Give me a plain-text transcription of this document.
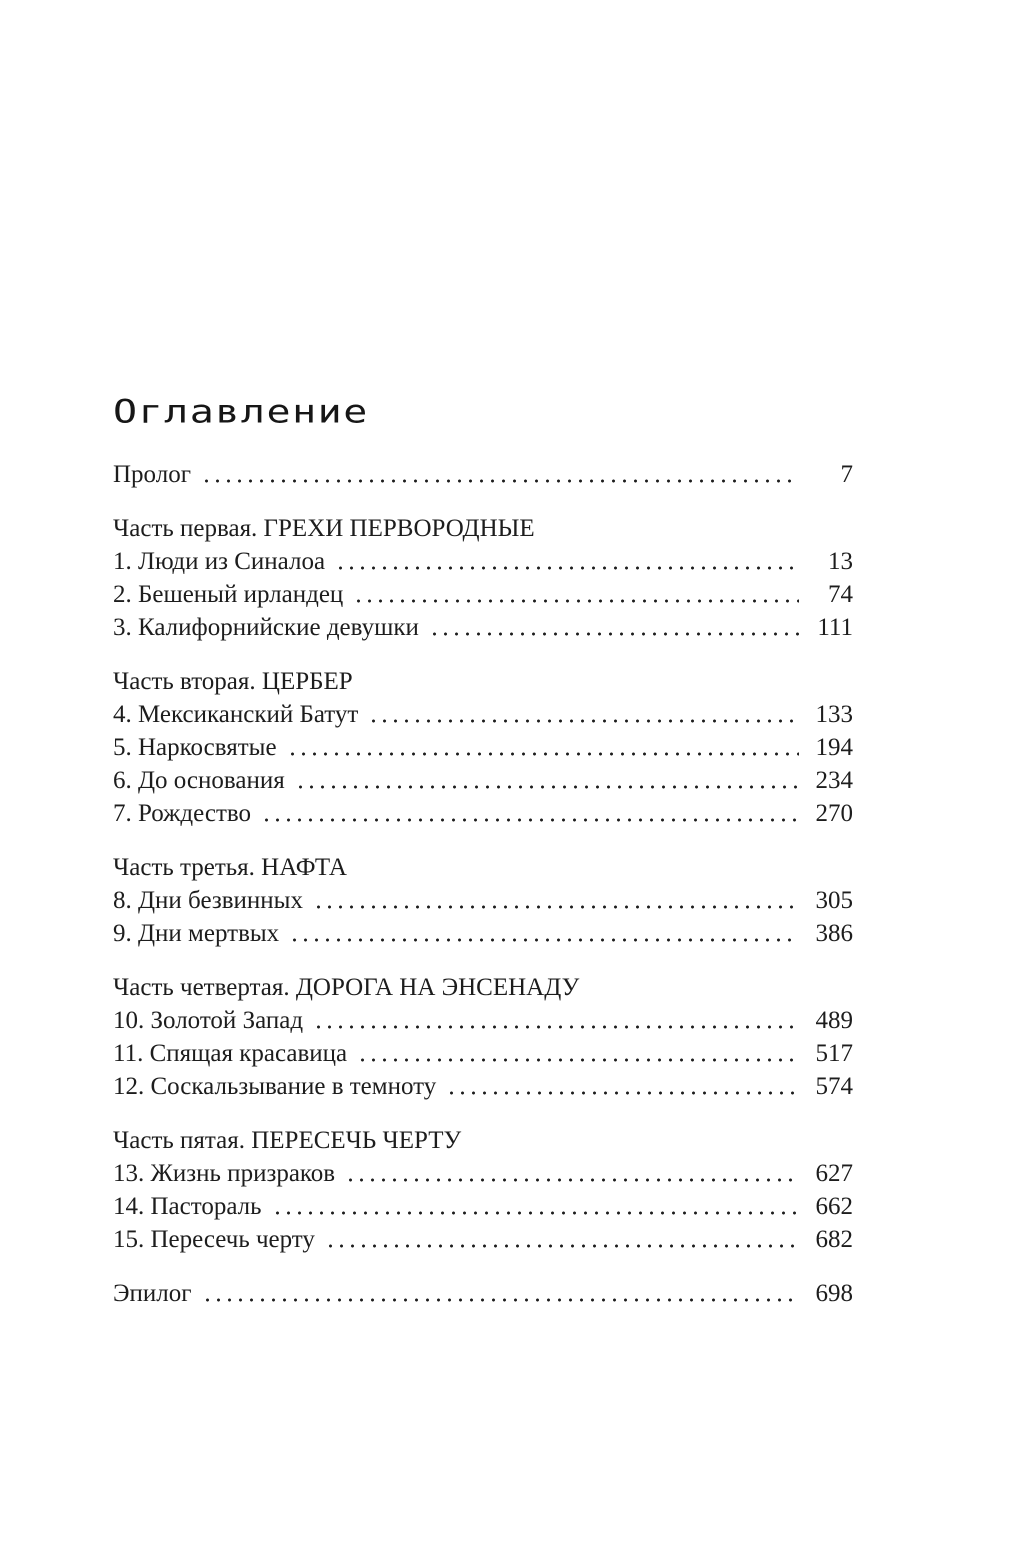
Оглавление
Пролог	7
Часть первая. ГРЕХИ ПЕРВОРОДНЫЕ
1. Люди из Синалоа	13
2. Бешеный ирландец	74
3. Калифорнийские девушки	111
Часть вторая. ЦЕРБЕР
4. Мексиканский Батут	133
5. Наркосвятые	194
6. До основания	234
7. Рождество	270
Часть третья. НАФТА
8. Дни безвинных	305
9. Дни мертвых	386
Часть четвертая. ДОРОГА НА ЭНСЕНАДУ
10. Золотой Запад	489
11. Спящая красавица	517
12. Соскальзывание в темноту	574
Часть пятая. ПЕРЕСЕЧЬ ЧЕРТУ
13. Жизнь призраков	627
14. Пастораль	662
15. Пересечь черту	682
Эпилог	698
